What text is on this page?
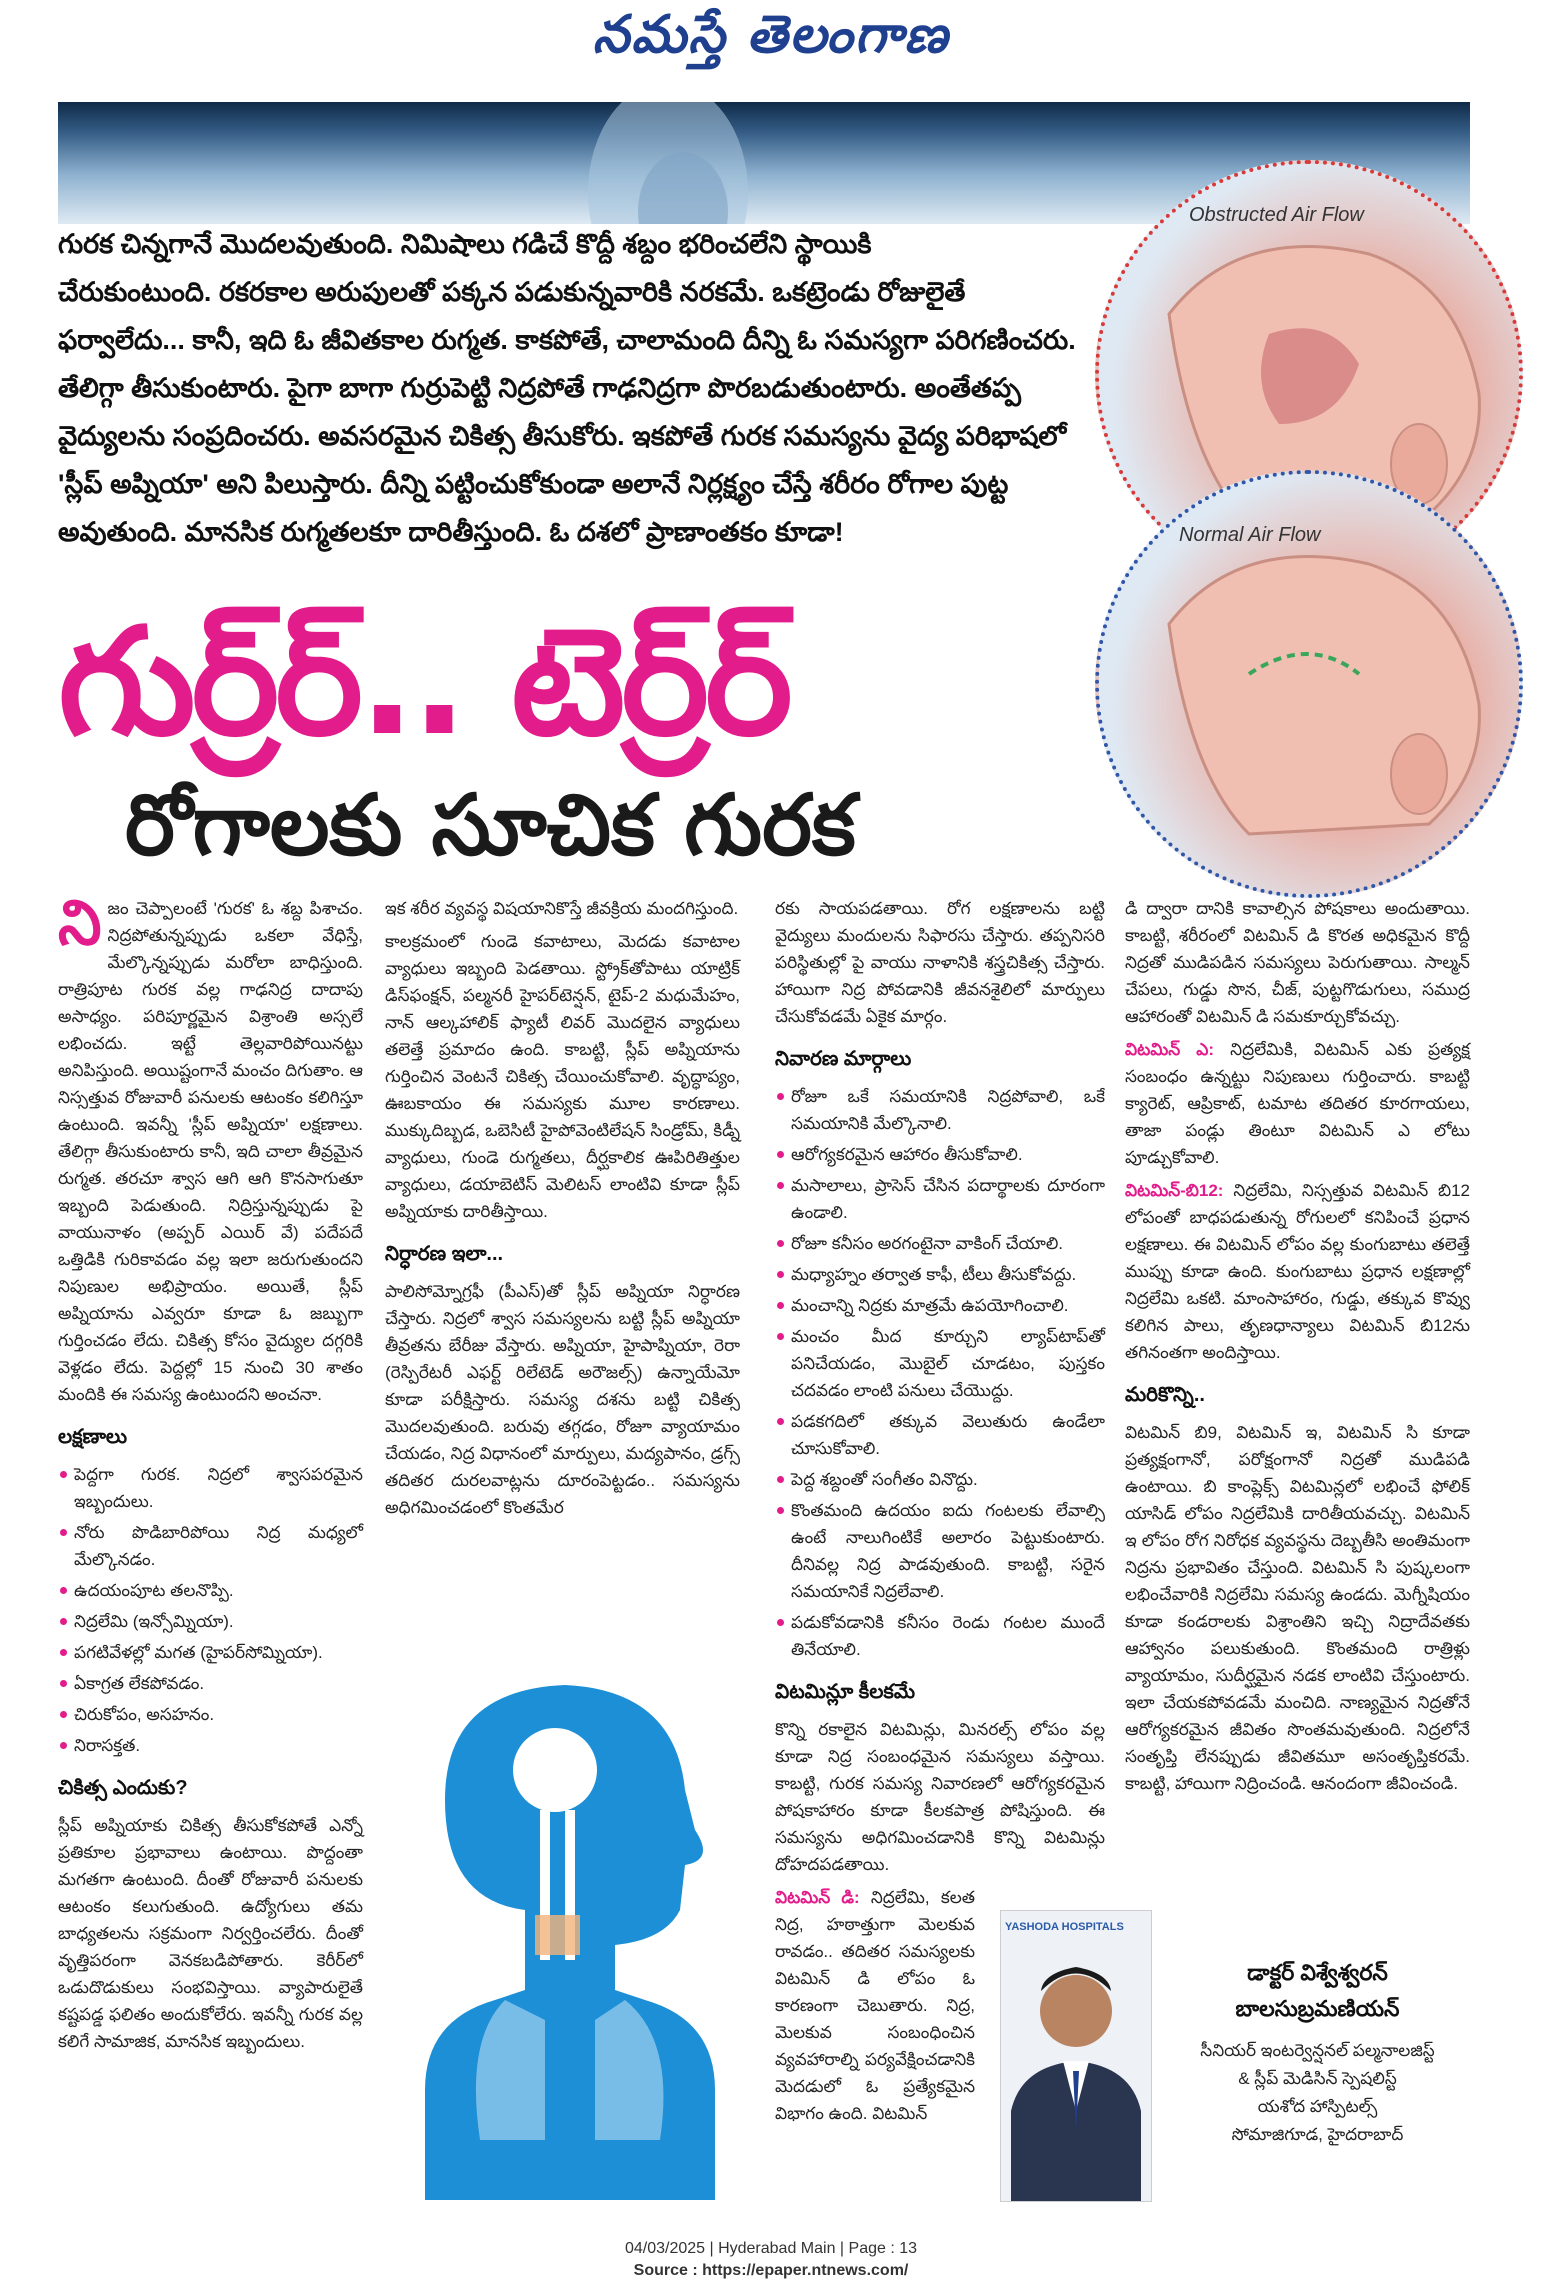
నమస్తే తెలంగాణ

గురక చిన్నగానే మొదలవుతుంది. నిమిషాలు గడిచే కొద్దీ శబ్దం భరించలేని స్థాయికి

చేరుకుంటుంది. రకరకాల అరుపులతో పక్కన పడుకున్నవారికి నరకమే. ఒకట్రెండు రోజులైతే

ఫర్వాలేదు... కానీ, ఇది ఓ జీవితకాల రుగ్మత. కాకపోతే, చాలామంది దీన్ని ఓ సమస్యగా పరిగణించరు.

తేలిగ్గా తీసుకుంటారు. పైగా బాగా గుర్రుపెట్టి నిద్రపోతే గాఢనిద్రగా పొరబడుతుంటారు. అంతేతప్ప

వైద్యులను సంప్రదించరు. అవసరమైన చికిత్స తీసుకోరు. ఇకపోతే గురక సమస్యను వైద్య పరిభాషలో

'స్లీప్ అప్నియా' అని పిలుస్తారు. దీన్ని పట్టించుకోకుండా అలానే నిర్లక్ష్యం చేస్తే శరీరం రోగాల పుట్ట

అవుతుంది. మానసిక రుగ్మతలకూ దారితీస్తుంది. ఓ దశలో ప్రాణాంతకం కూడా!

Obstructed Air Flow
Normal Air Flow
గుర్ర్‌ర్.. టెర్ర్‌ర్
రోగాలకు సూచిక గురక

నిజం చెప్పాలంటే 'గురక' ఓ శబ్ద పిశాచం. నిద్రపోతున్నప్పుడు ఒకలా వేధిస్తే, మేల్కొన్నప్పుడు మరోలా బాధిస్తుంది. రాత్రిపూట గురక వల్ల గాఢనిద్ర దాదాపు అసాధ్యం. పరిపూర్ణమైన విశ్రాంతి అస్సలే లభించదు. ఇట్టే తెల్లవారిపోయినట్టు అనిపిస్తుంది. అయిష్టంగానే మంచం దిగుతాం. ఆ నిస్సత్తువ రోజువారీ పనులకు ఆటంకం కలిగిస్తూ ఉంటుంది. ఇవన్నీ 'స్లీప్ అప్నియా' లక్షణాలు. తేలిగ్గా తీసుకుంటారు కానీ, ఇది చాలా తీవ్రమైన రుగ్మత. తరచూ శ్వాస ఆగి ఆగి కొనసాగుతూ ఇబ్బంది పెడుతుంది. నిద్రిస్తున్నప్పుడు పై వాయునాళం (అప్పర్ ఎయిర్ వే) పదేపదే ఒత్తిడికి గురికావడం వల్ల ఇలా జరుగుతుందని నిపుణుల అభిప్రాయం. అయితే, స్లీప్ అప్నియాను ఎవ్వరూ కూడా ఓ జబ్బుగా గుర్తించడం లేదు. చికిత్స కోసం వైద్యుల దగ్గరికి వెళ్లడం లేదు. పెద్దల్లో 15 నుంచి 30 శాతం మందికి ఈ సమస్య ఉంటుందని అంచనా.

లక్షణాలు
పెద్దగా గురక. నిద్రలో శ్వాసపరమైన ఇబ్బందులు.
నోరు పొడిబారిపోయి నిద్ర మధ్యలో మేల్కొనడం.
ఉదయంపూట తలనొప్పి.
నిద్రలేమి (ఇన్సోమ్నియా).
పగటివేళల్లో మగత (హైపర్‌సోమ్నియా).
ఏకాగ్రత లేకపోవడం.
చిరుకోపం, అసహనం.
నిరాసక్తత.
చికిత్స ఎందుకు?

స్లీప్ అప్నియాకు చికిత్స తీసుకోకపోతే ఎన్నో ప్రతికూల ప్రభావాలు ఉంటాయి. పొద్దంతా మగతగా ఉంటుంది. దీంతో రోజువారీ పనులకు ఆటంకం కలుగుతుంది. ఉద్యోగులు తమ బాధ్యతలను సక్రమంగా నిర్వర్తించలేరు. దీంతో వృత్తిపరంగా వెనకబడిపోతారు. కెరీర్‌లో ఒడుదొడుకులు సంభవిస్తాయి. వ్యాపారులైతే కష్టపడ్డ ఫలితం అందుకోలేరు. ఇవన్నీ గురక వల్ల కలిగే సామాజిక, మానసిక ఇబ్బందులు.

ఇక శరీర వ్యవస్థ విషయానికొస్తే జీవక్రియ మందగిస్తుంది.

కాలక్రమంలో గుండె కవాటాలు, మెదడు కవాటాల వ్యాధులు ఇబ్బంది పెడతాయి. స్ట్రోక్‌తోపాటు యాట్రిక్ డిస్‌ఫంక్షన్, పల్మనరీ హైపర్‌టెన్షన్, టైప్-2 మధుమేహం, నాన్ ఆల్కహాలిక్ ఫ్యాటీ లివర్ మొదలైన వ్యాధులు తలెత్తే ప్రమాదం ఉంది. కాబట్టి, స్లీప్ అప్నియాను గుర్తించిన వెంటనే చికిత్స చేయించుకోవాలి. వృద్ధాప్యం, ఊబకాయం ఈ సమస్యకు మూల కారణాలు. ముక్కుదిబ్బడ, ఒబెసిటీ హైపోవెంటిలేషన్ సిండ్రోమ్, కిడ్నీ వ్యాధులు, గుండె రుగ్మతలు, దీర్ఘకాలిక ఊపిరితిత్తుల వ్యాధులు, డయాబెటిస్ మెలిటస్ లాంటివి కూడా స్లీప్ అప్నియాకు దారితీస్తాయి.

నిర్ధారణ ఇలా...

పాలిసోమ్నోగ్రఫీ (పీఎస్)తో స్లీప్ అప్నియా నిర్ధారణ చేస్తారు. నిద్రలో శ్వాస సమస్యలను బట్టి స్లీప్ అప్నియా తీవ్రతను బేరీజు వేస్తారు. అప్నియా, హైపాప్నియా, రెరా (రెస్పిరేటరీ ఎఫర్ట్ రిలేటెడ్ అరౌజల్స్) ఉన్నాయేమో కూడా పరీక్షిస్తారు. సమస్య దశను బట్టి చికిత్స మొదలవుతుంది. బరువు తగ్గడం, రోజూ వ్యాయామం చేయడం, నిద్ర విధానంలో మార్పులు, మద్యపానం, డ్రగ్స్ తదితర దురలవాట్లను దూరంపెట్టడం.. సమస్యను అధిగమించడంలో కొంతమేర

రకు సాయపడతాయి. రోగ లక్షణాలను బట్టి వైద్యులు మందులను సిఫారసు చేస్తారు. తప్పనిసరి పరిస్థితుల్లో పై వాయు నాళానికి శస్త్రచికిత్స చేస్తారు. హాయిగా నిద్ర పోవడానికి జీవనశైలిలో మార్పులు చేసుకోవడమే ఏకైక మార్గం.

నివారణ మార్గాలు
రోజూ ఒకే సమయానికి నిద్రపోవాలి, ఒకే సమయానికి మేల్కొనాలి.
ఆరోగ్యకరమైన ఆహారం తీసుకోవాలి.
మసాలాలు, ప్రాసెస్ చేసిన పదార్థాలకు దూరంగా ఉండాలి.
రోజూ కనీసం అరగంటైనా వాకింగ్ చేయాలి.
మధ్యాహ్నం తర్వాత కాఫీ, టీలు తీసుకోవద్దు.
మంచాన్ని నిద్రకు మాత్రమే ఉపయోగించాలి.
మంచం మీద కూర్చుని ల్యాప్‌టాప్‌తో పనిచేయడం, మొబైల్ చూడటం, పుస్తకం చదవడం లాంటి పనులు చేయొద్దు.
పడకగదిలో తక్కువ వెలుతురు ఉండేలా చూసుకోవాలి.
పెద్ద శబ్దంతో సంగీతం వినొద్దు.
కొంతమంది ఉదయం ఐదు గంటలకు లేవాల్సి ఉంటే నాలుగింటికే అలారం పెట్టుకుంటారు. దీనివల్ల నిద్ర పాడవుతుంది. కాబట్టి, సరైన సమయానికే నిద్రలేవాలి.
పడుకోవడానికి కనీసం రెండు గంటల ముందే తినేయాలి.
విటమిన్లూ కీలకమే

కొన్ని రకాలైన విటమిన్లు, మినరల్స్ లోపం వల్ల కూడా నిద్ర సంబంధమైన సమస్యలు వస్తాయి. కాబట్టి, గురక సమస్య నివారణలో ఆరోగ్యకరమైన పోషకాహారం కూడా కీలకపాత్ర పోషిస్తుంది. ఈ సమస్యను అధిగమించడానికి కొన్ని విటమిన్లు దోహదపడతాయి.

విటమిన్ డి: నిద్రలేమి, కలత నిద్ర, హఠాత్తుగా మెలకువ రావడం.. తదితర సమస్యలకు విటమిన్ డి లోపం ఓ కారణంగా చెబుతారు. నిద్ర, మెలకువ సంబంధించిన వ్యవహారాల్ని పర్యవేక్షించడానికి మెదడులో ఓ ప్రత్యేకమైన విభాగం ఉంది. విటమిన్

డి ద్వారా దానికి కావాల్సిన పోషకాలు అందుతాయి. కాబట్టి, శరీరంలో విటమిన్ డి కొరత అధికమైన కొద్దీ నిద్రతో ముడిపడిన సమస్యలు పెరుగుతాయి. సాల్మన్ చేపలు, గుడ్డు సొన, చీజ్, పుట్టగొడుగులు, సముద్ర ఆహారంతో విటమిన్ డి సమకూర్చుకోవచ్చు.

విటమిన్ ఎ: నిద్రలేమికి, విటమిన్ ఎకు ప్రత్యక్ష సంబంధం ఉన్నట్టు నిపుణులు గుర్తించారు. కాబట్టి క్యారెట్, ఆప్రికాట్, టమాట తదితర కూరగాయలు, తాజా పండ్లు తింటూ విటమిన్ ఎ లోటు పూడ్చుకోవాలి.

విటమిన్-బి12: నిద్రలేమి, నిస్సత్తువ విటమిన్ బి12 లోపంతో బాధపడుతున్న రోగులలో కనిపించే ప్రధాన లక్షణాలు. ఈ విటమిన్ లోపం వల్ల కుంగుబాటు తలెత్తే ముప్పు కూడా ఉంది. కుంగుబాటు ప్రధాన లక్షణాల్లో నిద్రలేమి ఒకటి. మాంసాహారం, గుడ్డు, తక్కువ కొవ్వు కలిగిన పాలు, తృణధాన్యాలు విటమిన్ బి12ను తగినంతగా అందిస్తాయి.

మరికొన్ని..

విటమిన్ బి9, విటమిన్ ఇ, విటమిన్ సి కూడా ప్రత్యక్షంగానో, పరోక్షంగానో నిద్రతో ముడిపడి ఉంటాయి. బి కాంప్లెక్స్ విటమిన్లలో లభించే ఫోలిక్ యాసిడ్ లోపం నిద్రలేమికి దారితీయవచ్చు. విటమిన్ ఇ లోపం రోగ నిరోధక వ్యవస్థను దెబ్బతీసి అంతిమంగా నిద్రను ప్రభావితం చేస్తుంది. విటమిన్ సి పుష్కలంగా లభించేవారికి నిద్రలేమి సమస్య ఉండదు. మెగ్నీషియం కూడా కండరాలకు విశ్రాంతిని ఇచ్చి నిద్రాదేవతకు ఆహ్వానం పలుకుతుంది. కొంతమంది రాత్రిళ్లు వ్యాయామం, సుదీర్ఘమైన నడక లాంటివి చేస్తుంటారు. ఇలా చేయకపోవడమే మంచిది. నాణ్యమైన నిద్రతోనే ఆరోగ్యకరమైన జీవితం సొంతమవుతుంది. నిద్రలోనే సంతృప్తి లేనప్పుడు జీవితమూ అసంతృప్తికరమే. కాబట్టి, హాయిగా నిద్రించండి. ఆనందంగా జీవించండి.

YASHODA HOSPITALS
డాక్టర్ విశ్వేశ్వరన్
బాలసుబ్రమణియన్
సీనియర్ ఇంటర్వెన్షనల్ పల్మనాలజిస్ట్
& స్లీప్ మెడిసిన్ స్పెషలిస్ట్
యశోద హాస్పిటల్స్
సోమాజిగూడ, హైదరాబాద్
04/03/2025 | Hyderabad Main | Page : 13
Source : https://epaper.ntnews.com/
